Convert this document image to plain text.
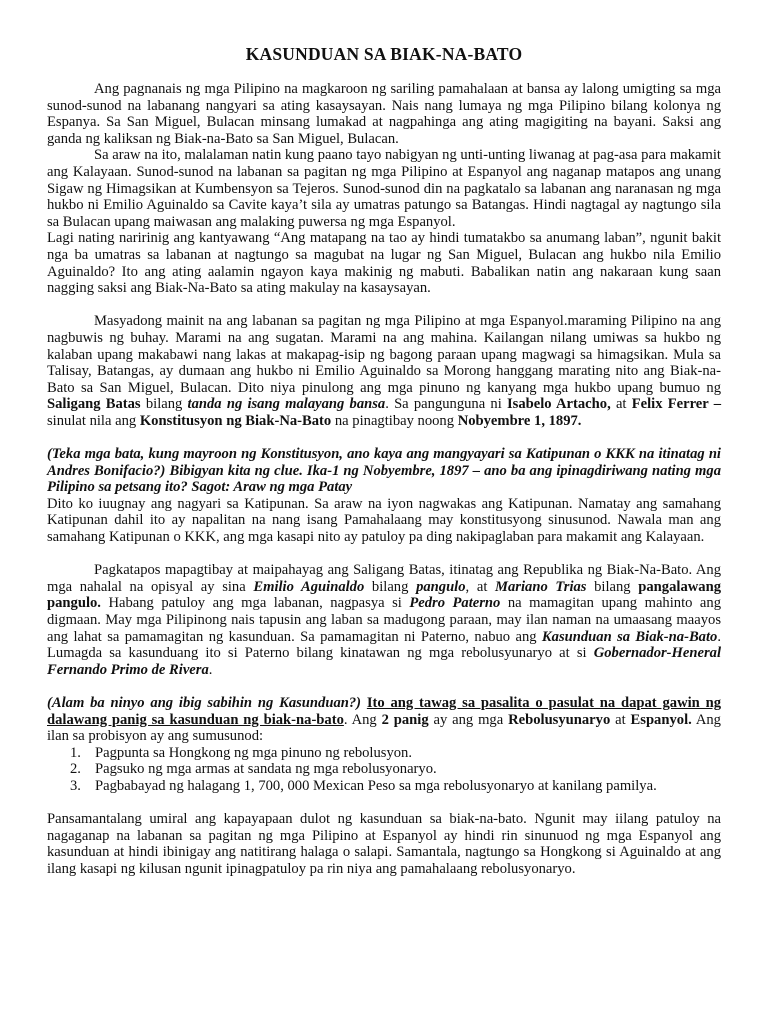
KASUNDUAN SA BIAK-NA-BATO

Ang pagnanais ng mga Pilipino na magkaroon ng sariling pamahalaan at bansa ay lalong umigting sa mga sunod-sunod na labanang nangyari sa ating kasaysayan. Nais nang lumaya ng mga Pilipino bilang kolonya ng Espanya. Sa San Miguel, Bulacan minsang lumakad at nagpahinga ang ating magigiting na bayani. Saksi ang ganda ng kaliksan ng Biak-na-Bato sa San Miguel, Bulacan.

Sa araw na ito, malalaman natin kung paano tayo nabigyan ng unti-unting liwanag at pag-asa para makamit ang Kalayaan. Sunod-sunod na labanan sa pagitan ng mga Pilipino at Espanyol ang naganap matapos ang unang Sigaw ng Himagsikan at Kumbensyon sa Tejeros. Sunod-sunod din na pagkatalo sa labanan ang naranasan ng mga hukbo ni Emilio Aguinaldo sa Cavite kaya’t sila ay umatras patungo sa Batangas. Hindi nagtagal ay nagtungo sila sa Bulacan upang maiwasan ang malaking puwersa ng mga Espanyol.

Lagi nating naririnig ang kantyawang “Ang matapang na tao ay hindi tumatakbo sa anumang laban”, ngunit bakit nga ba umatras sa labanan at nagtungo sa magubat na lugar ng San Miguel, Bulacan ang hukbo nila Emilio Aguinaldo? Ito ang ating aalamin ngayon kaya makinig ng mabuti. Babalikan natin ang nakaraan kung saan nagging saksi ang Biak-Na-Bato sa ating makulay na kasaysayan.

Masyadong mainit na ang labanan sa pagitan ng mga Pilipino at mga Espanyol.maraming Pilipino na ang nagbuwis ng buhay. Marami na ang sugatan. Marami na ang mahina. Kailangan nilang umiwas sa hukbo ng kalaban upang makabawi nang lakas at makapag-isip ng bagong paraan upang magwagi sa himagsikan. Mula sa Talisay, Batangas, ay dumaan ang hukbo ni Emilio Aguinaldo sa Morong hanggang marating nito ang Biak-na-Bato sa San Miguel, Bulacan. Dito niya pinulong ang mga pinuno ng kanyang mga hukbo upang bumuo ng Saligang Batas bilang tanda ng isang malayang bansa. Sa pangunguna ni Isabelo Artacho, at Felix Ferrer – sinulat nila ang Konstitusyon ng Biak-Na-Bato na pinagtibay noong Nobyembre 1, 1897.

(Teka mga bata, kung mayroon ng Konstitusyon, ano kaya ang mangyayari sa Katipunan o KKK na itinatag ni Andres Bonifacio?) Bibigyan kita ng clue. Ika-1 ng Nobyembre, 1897 – ano ba ang ipinagdiriwang nating mga Pilipino sa petsang ito? Sagot: Araw ng mga Patay

Dito ko iuugnay ang nagyari sa Katipunan. Sa araw na iyon nagwakas ang Katipunan. Namatay ang samahang Katipunan dahil ito ay napalitan na nang isang Pamahalaang may konstitusyong sinusunod. Nawala man ang samahang Katipunan o KKK, ang mga kasapi nito ay patuloy pa ding nakipaglaban para makamit ang Kalayaan.

Pagkatapos mapagtibay at maipahayag ang Saligang Batas, itinatag ang Republika ng Biak-Na-Bato. Ang mga nahalal na opisyal ay sina Emilio Aguinaldo bilang pangulo, at Mariano Trias bilang pangalawang pangulo. Habang patuloy ang mga labanan, nagpasya si Pedro Paterno na mamagitan upang mahinto ang digmaan. May mga Pilipinong nais tapusin ang laban sa madugong paraan, may ilan naman na umaasang maayos ang lahat sa pamamagitan ng kasunduan. Sa pamamagitan ni Paterno, nabuo ang Kasunduan sa Biak-na-Bato. Lumagda sa kasunduang ito si Paterno bilang kinatawan ng mga rebolusyunaryo at si Gobernador-Heneral Fernando Primo de Rivera.

(Alam ba ninyo ang ibig sabihin ng Kasunduan?) Ito ang tawag sa pasalita o pasulat na dapat gawin ng dalawang panig sa kasunduan ng biak-na-bato. Ang 2 panig ay ang mga Rebolusyunaryo at Espanyol. Ang ilan sa probisyon ay ang sumusunod:

1. Pagpunta sa Hongkong ng mga pinuno ng rebolusyon.
2. Pagsuko ng mga armas at sandata ng mga rebolusyonaryo.
3. Pagbabayad ng halagang 1, 700, 000 Mexican Peso sa mga rebolusyonaryo at kanilang pamilya.

Pansamantalang umiral ang kapayapaan dulot ng kasunduan sa biak-na-bato. Ngunit may iilang patuloy na nagaganap na labanan sa pagitan ng mga Pilipino at Espanyol ay hindi rin sinunuod ng mga Espanyol ang kasunduan at hindi ibinigay ang natitirang halaga o salapi. Samantala, nagtungo sa Hongkong si Aguinaldo at ang ilang kasapi ng kilusan ngunit ipinagpatuloy pa rin niya ang pamahalaang rebolusyonaryo.
